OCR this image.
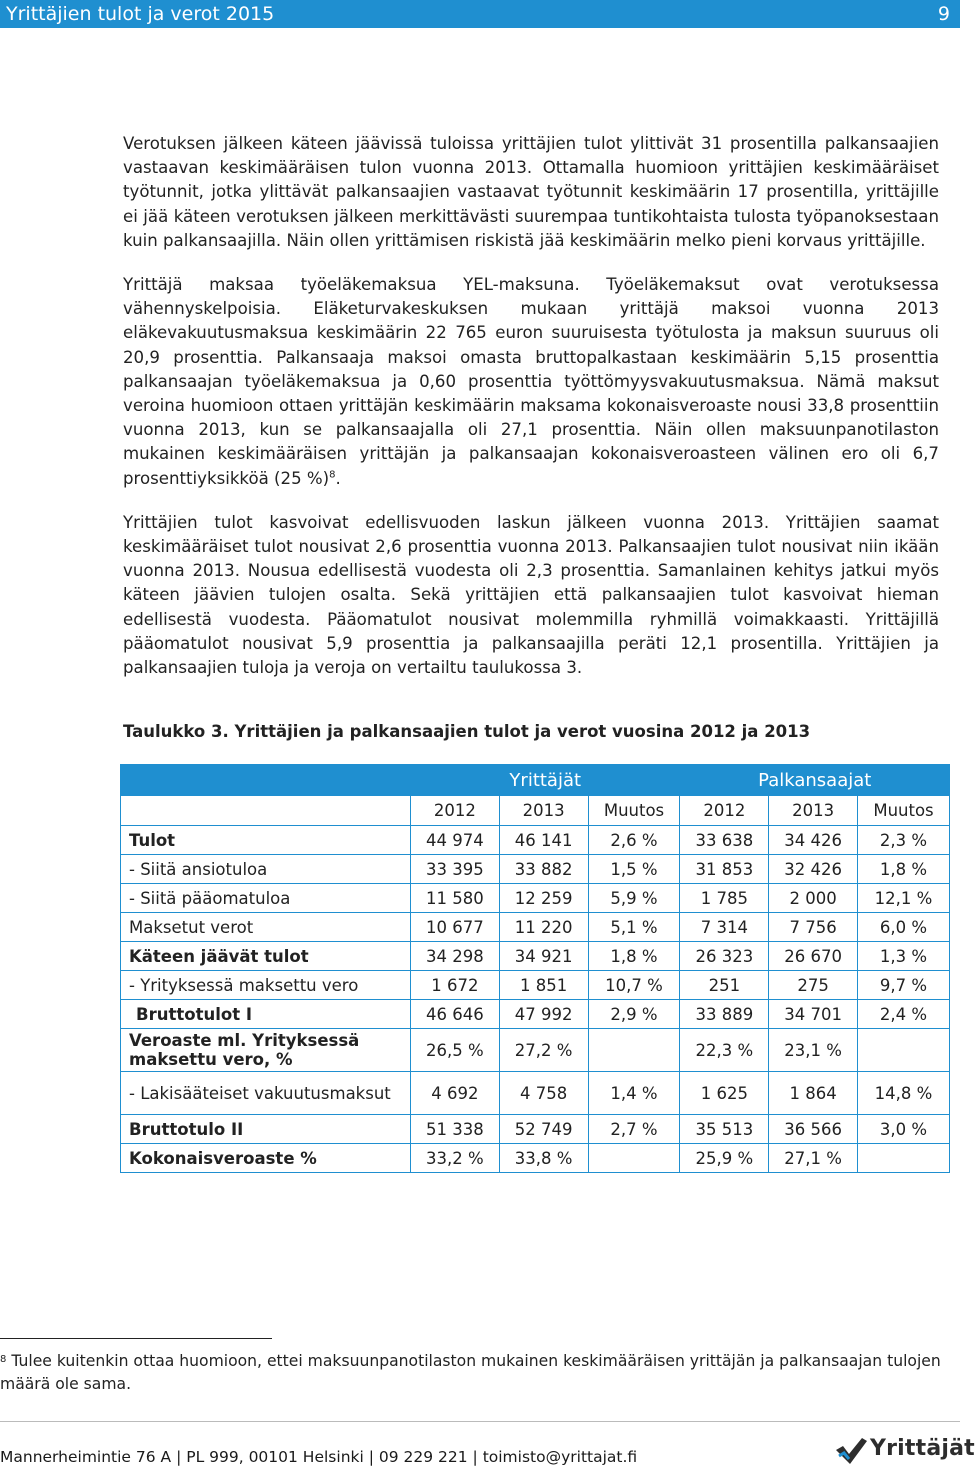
Yrittäjien tulot ja verot 2015	9

Verotuksen jälkeen käteen jäävissä tuloissa yrittäjien tulot ylittivät 31 prosentilla palkansaajien vastaavan keskimääräisen tulon vuonna 2013. Ottamalla huomioon yrittäjien keskimääräiset työtunnit, jotka ylittävät palkansaajien vastaavat työtunnit keskimäärin 17 prosentilla, yrittäjille ei jää käteen verotuksen jälkeen merkittävästi suurempaa tuntikohtaista tulosta työpanoksestaan kuin palkansaajilla. Näin ollen yrittämisen riskistä jää keskimäärin melko pieni korvaus yrittäjille.

Yrittäjä maksaa työeläkemaksua YEL-maksuna. Työeläkemaksut ovat verotuksessa vähennyskelpoisia. Eläketurvakeskuksen mukaan yrittäjä maksoi vuonna 2013 eläkevakuutusmaksua keskimäärin 22 765 euron suuruisesta työtulosta ja maksun suuruus oli 20,9 prosenttia. Palkansaaja maksoi omasta bruttopalkastaan keskimäärin 5,15 prosenttia palkansaajan työeläkemaksua ja 0,60 prosenttia työttömyysvakuutusmaksua. Nämä maksut veroina huomioon ottaen yrittäjän keskimäärin maksama kokonaisveroaste nousi 33,8 prosenttiin vuonna 2013, kun se palkansaajalla oli 27,1 prosenttia. Näin ollen maksuunpanotilaston mukainen keskimääräisen yrittäjän ja palkansaajan kokonaisveroasteen välinen ero oli 6,7 prosenttiyksikköä (25 %)$^8$.

Yrittäjien tulot kasvoivat edellisvuoden laskun jälkeen vuonna 2013. Yrittäjien saamat keskimääräiset tulot nousivat 2,6 prosenttia vuonna 2013. Palkansaajien tulot nousivat niin ikään vuonna 2013. Nousua edellisestä vuodesta oli 2,3 prosenttia. Samanlainen kehitys jatkui myös käteen jäävien tulojen osalta. Sekä yrittäjien että palkansaajien tulot kasvoivat hieman edellisestä vuodesta. Pääomatulot nousivat molemmilla ryhmillä voimakkaasti. Yrittäjillä pääomatulot nousivat 5,9 prosenttia ja palkansaajilla peräti 12,1 prosentilla. Yrittäjien ja palkansaajien tuloja ja veroja on vertailtu taulukossa 3.

Taulukko 3. Yrittäjien ja palkansaajien tulot ja verot vuosina 2012 ja 2013
	Yrittäjät			Palkansaajat		
	2012	2013	Muutos	2012	2013	Muutos
Tulot	44 974	46 141	2,6 %	33 638	34 426	2,3 %
- Siitä ansiotuloa	33 395	33 882	1,5 %	31 853	32 426	1,8 %
- Siitä pääomatuloa	11 580	12 259	5,9 %	1 785	2 000	12,1 %
Maksetut verot	10 677	11 220	5,1 %	7 314	7 756	6,0 %
Käteen jäävät tulot	34 298	34 921	1,8 %	26 323	26 670	1,3 %
- Yrityksessä maksettu vero	1 672	1 851	10,7 %	251	275	9,7 %
Bruttotulot I	46 646	47 992	2,9 %	33 889	34 701	2,4 %
Veroaste ml. Yrityksessä maksettu vero, %	26,5 %	27,2 %		22,3 %	23,1 %	
- Lakisääteiset vakuutusmaksut	4 692	4 758	1,4 %	1 625	1 864	14,8 %
Bruttotulo II	51 338	52 749	2,7 %	35 513	36 566	3,0 %
Kokonaisveroaste %	33,2 %	33,8 %		25,9 %	27,1 %	
$^8$ Tulee kuitenkin ottaa huomioon, ettei maksuunpanotilaston mukainen keskimääräisen yrittäjän ja palkansaajan tulojen määrä ole sama.
Mannerheimintie 76 A | PL 999, 00101 Helsinki | 09 229 221 | toimisto@yrittajat.fi	Yrittäjät
